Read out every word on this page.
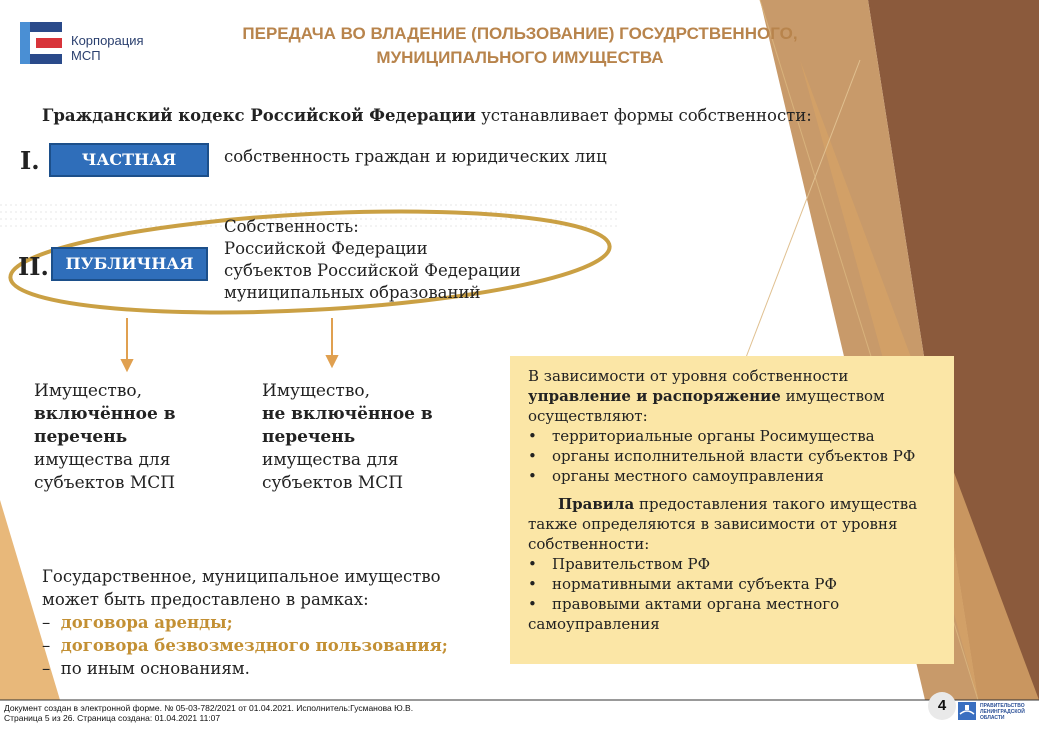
Корпорация
МСП
ПЕРЕДАЧА ВО ВЛАДЕНИЕ (ПОЛЬЗОВАНИЕ) ГОСУДРСТВЕННОГО,
МУНИЦИПАЛЬНОГО ИМУЩЕСТВА
Гражданский кодекс Российской Федерации устанавливает формы собственности:
I.	ЧАСТНАЯ	собственность граждан и юридических лиц
II.	ПУБЛИЧНАЯ
Собственность:
Российской Федерации
субъектов Российской Федерации
муниципальных образований
Имущество,
включённое в
перечень
имущества для
субъектов МСП
Имущество,
не включённое в
перечень
имущества для
субъектов МСП
В зависимости от уровня собственности
управление и распоряжение имуществом
осуществляют:
• территориальные органы Росимущества
• органы исполнительной власти субъектов РФ
• органы местного самоуправления
Правила предоставления такого имущества
также определяются в зависимости от уровня
собственности:
• Правительством РФ
• нормативными актами субъекта РФ
• правовыми актами органа местного
самоуправления
Государственное, муниципальное имущество
может быть предоставлено в рамках:
– договора аренды;
– договора безвозмездного пользования;
– по иным основаниям.
Документ создан в электронной форме. № 05-03-782/2021 от 01.04.2021. Исполнитель:Гусманова Ю.В.
Страница 5 из 26. Страница создана: 01.04.2021 11:07
4	ПРАВИТЕЛЬСТВО
ЛЕНИНГРАДСКОЙ
ОБЛАСТИ
